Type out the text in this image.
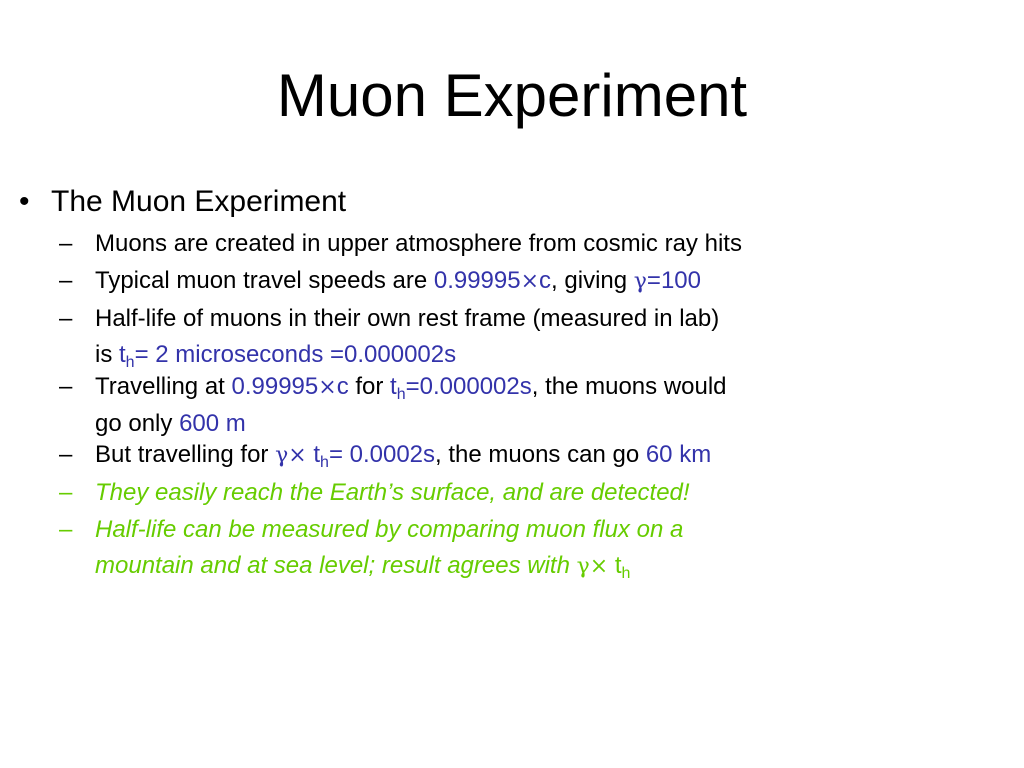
Muon Experiment
• The Muon Experiment
– Muons are created in upper atmosphere from cosmic ray hits
– Typical muon travel speeds are 0.99995×c, giving γ=100
– Half-life of muons in their own rest frame (measured in lab)
is $t_h= 2$ microseconds =0.000002s
– Travelling at 0.99995×c for $t_h=0.000002s$, the muons would
go only 600 m
– But travelling for $\gamma\times t_h= 0.0002s$, the muons can go 60 km
– They easily reach the Earth’s surface, and are detected!
– Half-life can be measured by comparing muon flux on a
mountain and at sea level; result agrees with $\gamma\times t_h$
